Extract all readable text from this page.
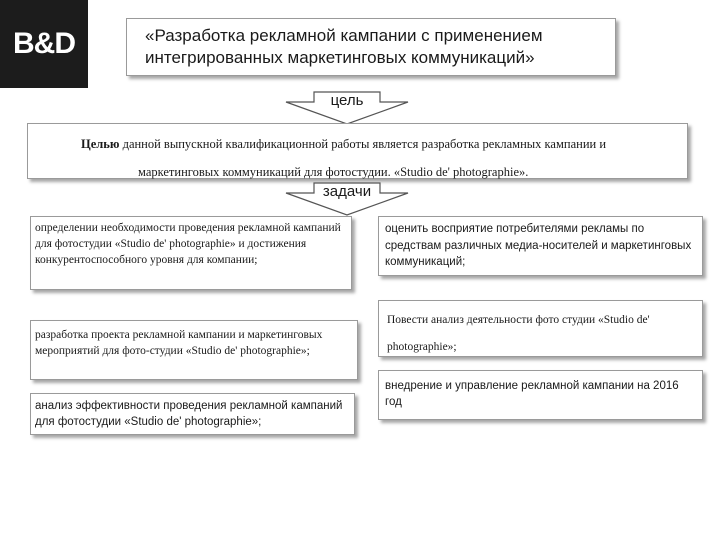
B&D	«Разработка рекламной кампании с применением
интегрированных маркетинговых коммуникаций»
цель
Целью данной выпускной квалификационной работы является разработка рекламных кампании и
маркетинговых коммуникаций для фотостудии. «Studio de' photographie».
задачи
определении необходимости проведения рекламной кампаний для фотостудии «Studio de' photographie» и достижения конкурентоспособного уровня для компании;
оценить восприятие потребителями рекламы по средствам различных медиа-носителей и маркетинговых коммуникаций;
Повести анализ деятельности фото студии «Studio de' photographie»;
разработка проекта рекламной кампании и маркетинговых мероприятий для фото-студии «Studio de' photographie»;
внедрение и управление рекламной кампании на 2016 год
анализ эффективности проведения рекламной кампаний для фотостудии «Studio de' photographie»;
